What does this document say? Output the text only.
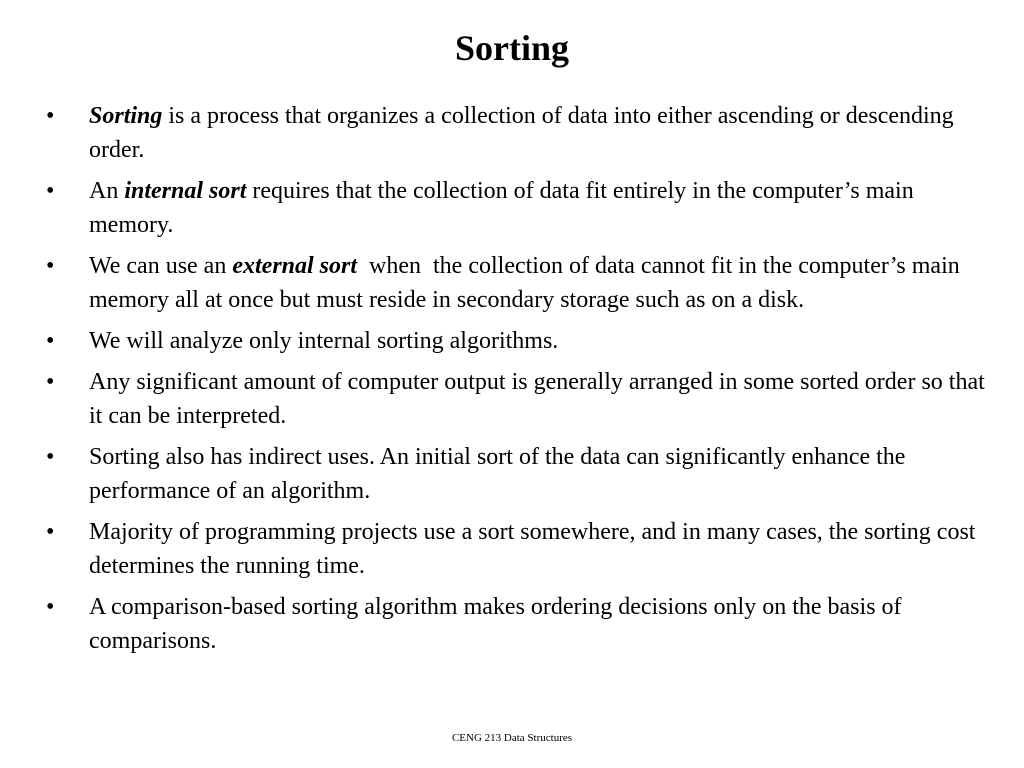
Sorting
•	Sorting is a process that organizes a collection of data into either ascending or descending order.
•	An internal sort requires that the collection of data fit entirely in the computer’s main memory.
•	We can use an external sort  when  the collection of data cannot fit in the computer’s main memory all at once but must reside in secondary storage such as on a disk.
•	We will analyze only internal sorting algorithms.
•	Any significant amount of computer output is generally arranged in some sorted order so that it can be interpreted.
•	Sorting also has indirect uses. An initial sort of the data can significantly enhance the performance of an algorithm.
•	Majority of programming projects use a sort somewhere, and in many cases, the sorting cost determines the running time.
•	A comparison-based sorting algorithm makes ordering decisions only on the basis of comparisons.
CENG 213 Data Structures
